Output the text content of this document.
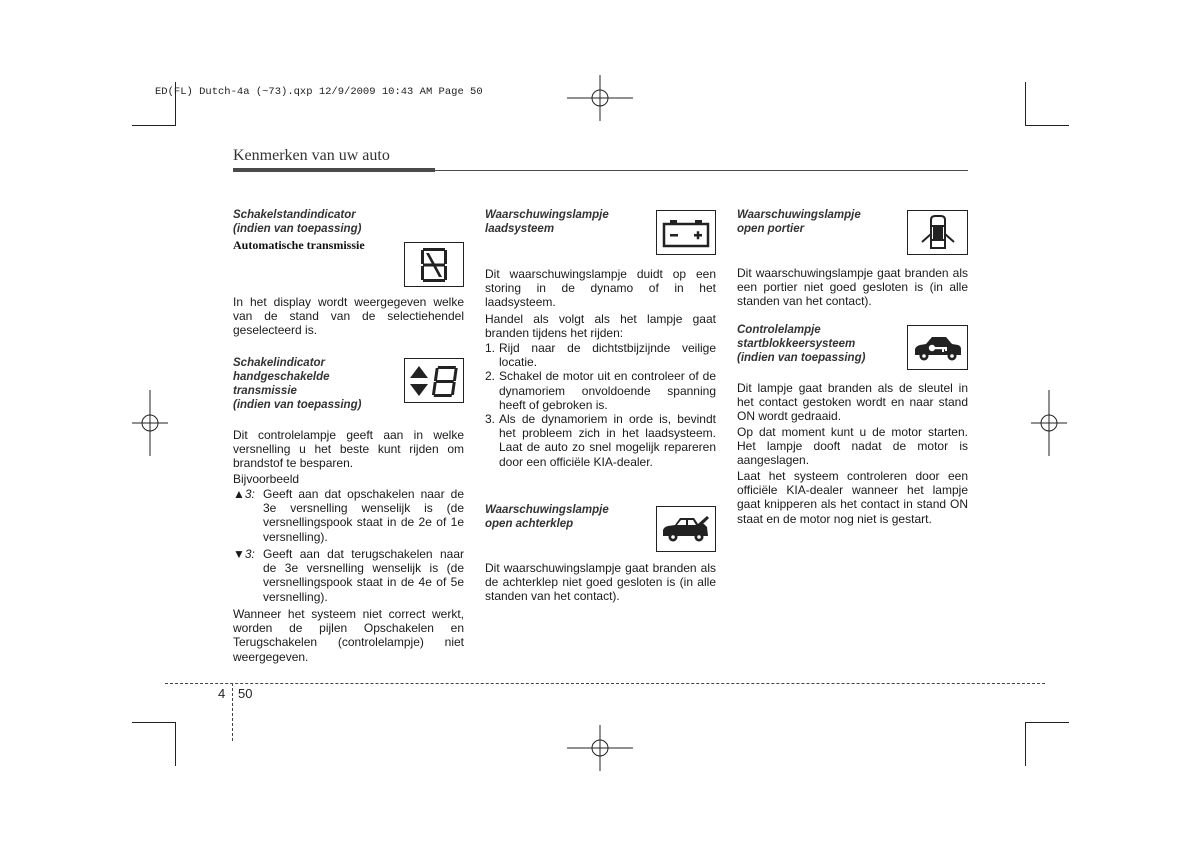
ED(FL) Dutch-4a (~73).qxp 12/9/2009 10:43 AM Page 50
Kenmerken van uw auto
Schakelstandindicator
(indien van toepassing)
Automatische transmissie
In het display wordt weergegeven welke van de stand van de selectiehendel geselecteerd is.
Schakelindicator
handgeschakelde
transmissie
(indien van toepassing)
Dit controlelampje geeft aan in welke versnelling u het beste kunt rijden om brandstof te besparen.
Bijvoorbeeld
▲3: Geeft aan dat opschakelen naar de 3e versnelling wenselijk is (de versnellingspook staat in de 2e of 1e versnelling).
▼3: Geeft aan dat terugschakelen naar de 3e versnelling wenselijk is (de versnellingspook staat in de 4e of 5e versnelling).
Wanneer het systeem niet correct werkt, worden de pijlen Opschakelen en Terugschakelen (controlelampje) niet weergegeven.
Waarschuwingslampje
laadsysteem
Dit waarschuwingslampje duidt op een storing in de dynamo of in het laadsysteem.
Handel als volgt als het lampje gaat branden tijdens het rijden:
1. Rijd naar de dichtstbijzijnde veilige locatie.
2. Schakel de motor uit en controleer of de dynamoriem onvoldoende spanning heeft of gebroken is.
3. Als de dynamoriem in orde is, bevindt het probleem zich in het laadsysteem. Laat de auto zo snel mogelijk repareren door een officiële KIA-dealer.
Waarschuwingslampje
open achterklep
Dit waarschuwingslampje gaat branden als de achterklep niet goed gesloten is (in alle standen van het contact).
Waarschuwingslampje
open portier
Dit waarschuwingslampje gaat branden als een portier niet goed gesloten is (in alle standen van het contact).
Controlelampje
startblokkeersysteem
(indien van toepassing)
Dit lampje gaat branden als de sleutel in het contact gestoken wordt en naar stand ON wordt gedraaid.
Op dat moment kunt u de motor starten. Het lampje dooft nadat de motor is aangeslagen.
Laat het systeem controleren door een officiële KIA-dealer wanneer het lampje gaat knipperen als het contact in stand ON staat en de motor nog niet is gestart.
4 50
